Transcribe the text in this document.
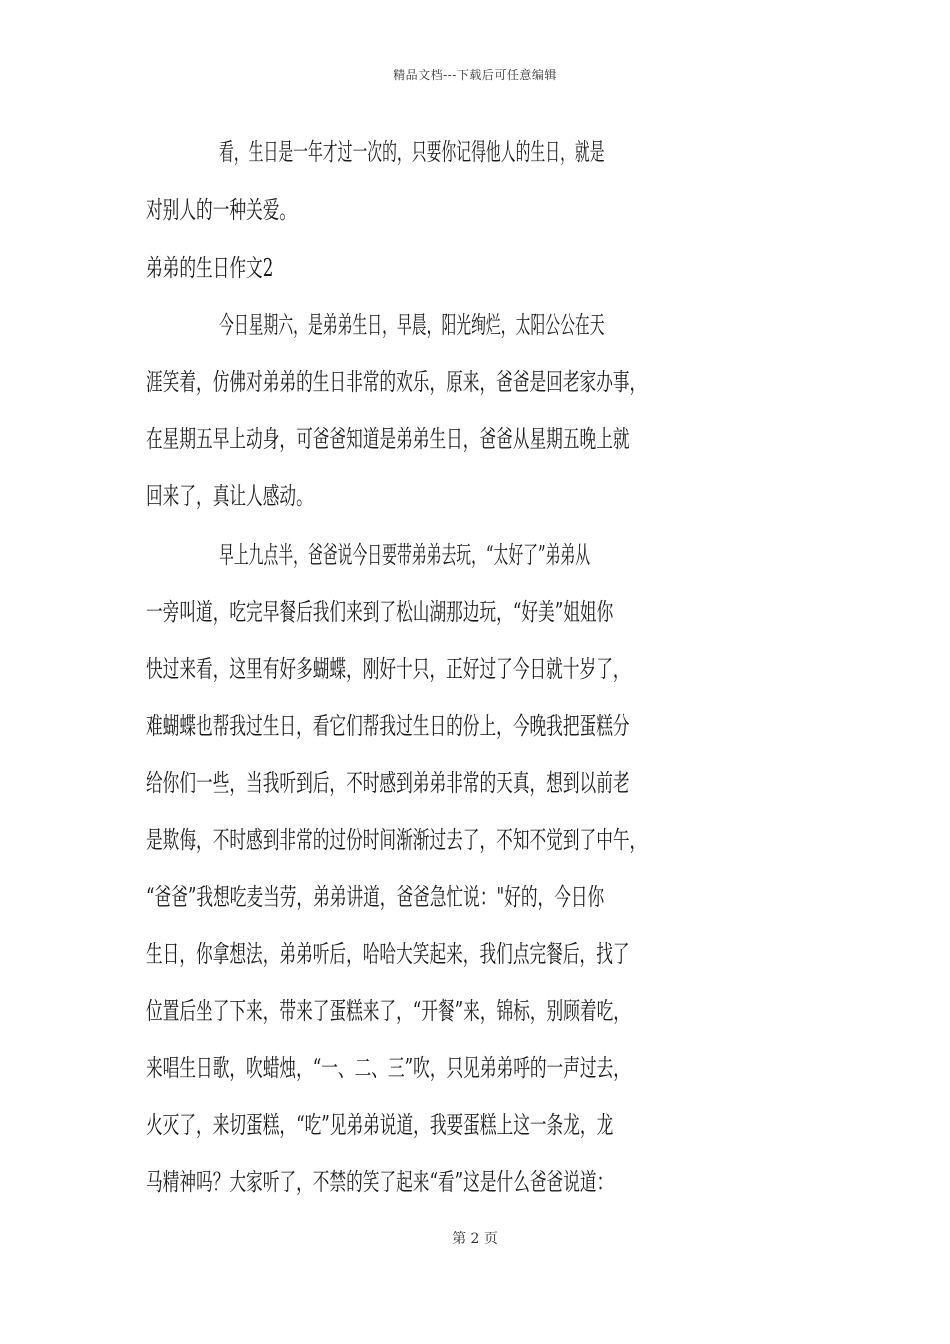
精品文档---下载后可任意编辑
看，生日是一年才过一次的，只要你记得他人的生日，就是
对别人的一种关爱。
弟弟的生日作文2
今日星期六，是弟弟生日，早晨，阳光绚烂，太阳公公在天
涯笑着，仿佛对弟弟的生日非常的欢乐，原来，爸爸是回老家办事，
在星期五早上动身，可爸爸知道是弟弟生日，爸爸从星期五晚上就
回来了，真让人感动。
早上九点半，爸爸说今日要带弟弟去玩，“太好了”弟弟从
一旁叫道，吃完早餐后我们来到了松山湖那边玩，“好美”姐姐你
快过来看，这里有好多蝴蝶，刚好十只，正好过了今日就十岁了，
难蝴蝶也帮我过生日，看它们帮我过生日的份上，今晚我把蛋糕分
给你们一些，当我听到后，不时感到弟弟非常的天真，想到以前老
是欺侮，不时感到非常的过份时间渐渐过去了，不知不觉到了中午，
“爸爸”我想吃麦当劳，弟弟讲道，爸爸急忙说："好的，今日你
生日，你拿想法，弟弟听后，哈哈大笑起来，我们点完餐后，找了
位置后坐了下来，带来了蛋糕来了，“开餐”来，锦标，别顾着吃，
来唱生日歌，吹蜡烛，“一、二、三”吹，只见弟弟呼的一声过去，
火灭了，来切蛋糕，“吃”见弟弟说道，我要蛋糕上这一条龙，龙
马精神吗？大家听了，不禁的笑了起来“看”这是什么爸爸说道：
第 2 页
